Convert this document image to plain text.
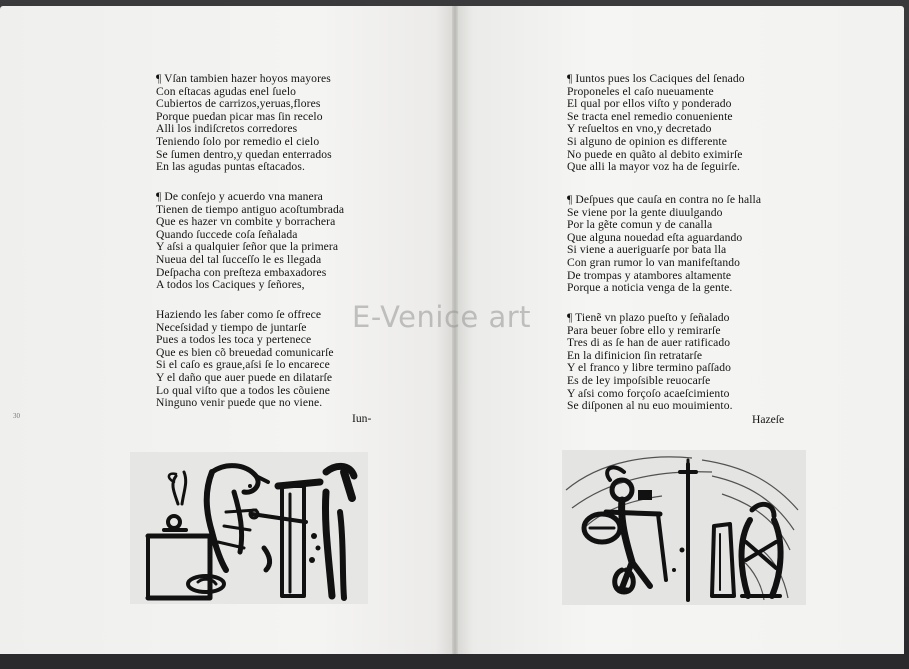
¶ Vſan tambien hazer hoyos mayores
Con eſtacas agudas enel ſuelo
Cubiertos de carrizos,yeruas,flores
Porque puedan picar mas ſin recelo
Alli los indiſcretos corredores
Teniendo ſolo por remedio el cielo
Se ſumen dentro,y quedan enterrados
En las agudas puntas eſtacados.
¶ De conſejo y acuerdo vna manera
Tienen de tiempo antiguo acoſtumbrada
Que es hazer vn combite y borrachera
Quando ſuccede coſa ſeñalada
Y aſsi a qualquier ſeñor que la primera
Nueua del tal ſucceſſo le es llegada
Deſpacha con preſteza embaxadores
A todos los Caciques y ſeñores,
Haziendo les ſaber como ſe offrece
Neceſsidad y tiempo de juntarſe
Pues a todos les toca y pertenece
Que es bien cõ breuedad comunicarſe
Si el caſo es graue,aſsi ſe lo encarece
Y el daño que auer puede en dilatarſe
Lo qual viſto que a todos les cõuiene
Ninguno venir puede que no viene.
Iun-
30
¶ Iuntos pues los Caciques del ſenado
Proponeles el caſo nueuamente
El qual por ellos viſto y ponderado
Se tracta enel remedio conueniente
Y reſueltos en vno,y decretado
Si alguno de opinion es differente
No puede en quãto al debito eximirſe
Que alli la mayor voz ha de ſeguirſe.
¶ Deſpues que cauſa en contra no ſe halla
Se viene por la gente diuulgando
Por la gẽte comun y de canalla
Que alguna nouedad eſta aguardando
Si viene a aueriguarſe por bata lla
Con gran rumor lo van manifeſtando
De trompas y atambores altamente
Porque a noticia venga de la gente.
¶ Tienẽ vn plazo pueſto y ſeñalado
Para beuer ſobre ello y remirarſe
Tres di as ſe han de auer ratificado
En la difinicion ſin retratarſe
Y el franco y libre termino paſſado
Es de ley impoſsible reuocarſe
Y aſsi como forçoſo acaeſcimiento
Se diſponen al nu euo mouimiento.
Hazeſe
E-Venice art
